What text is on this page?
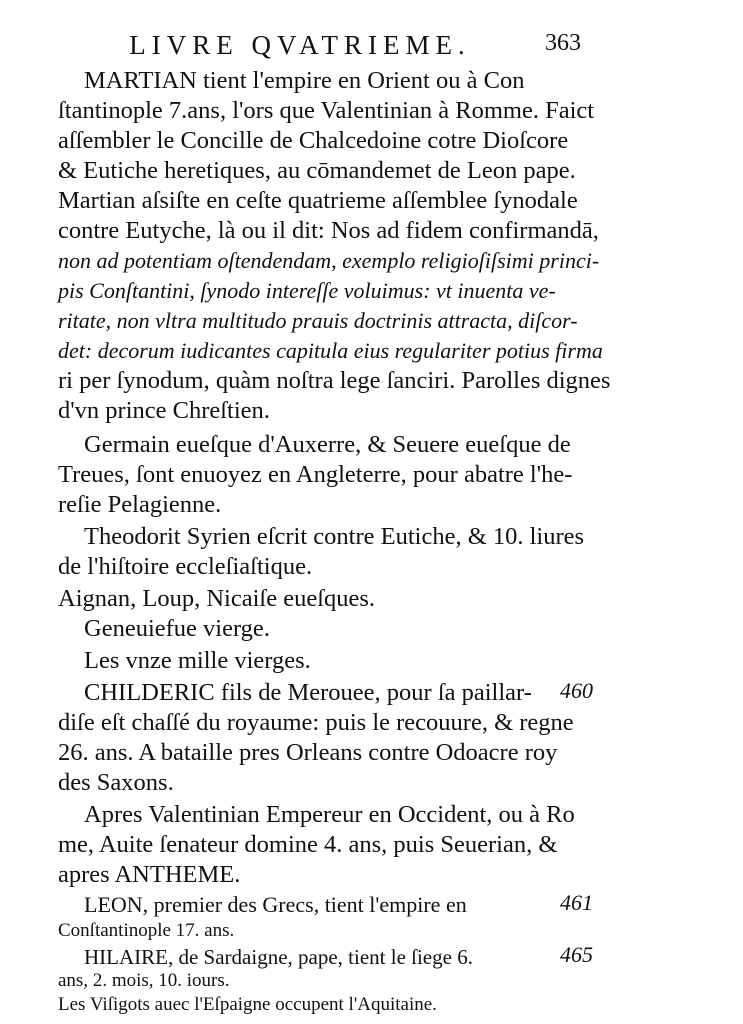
LIVRE QVATRIEME.	363
MARTIAN tient l'empire en Orient ou à Con
ſtantinople 7.ans, l'ors que Valentinian à Romme. Faict
aſſembler le Concille de Chalcedoine cotre Dioſcore
& Eutiche heretiques, au cōmandemet de Leon pape.
Martian aſsiſte en ceſte quatrieme aſſemblee ſynodale
contre Eutyche, là ou il dit: Nos ad fidem confirmandā,
non ad potentiam oſtendendam, exemplo religioſiſsimi princi-
pis Conſtantini, ſynodo intereſſe voluimus: vt inuenta ve-
ritate, non vltra multitudo prauis doctrinis attracta, diſcor-
det: decorum iudicantes capitula eius regulariter potius firma
ri per ſynodum, quàm noſtra lege ſanciri. Parolles dignes
d'vn prince Chreſtien.
Germain eueſque d'Auxerre, & Seuere eueſque de
Treues, ſont enuoyez en Angleterre, pour abatre l'he-
reſie Pelagienne.
Theodorit Syrien eſcrit contre Eutiche, & 10. liures
de l'hiſtoire eccleſiaſtique.
Aignan, Loup, Nicaiſe eueſques.
Geneuiefue vierge.
Les vnze mille vierges.
CHILDERIC fils de Merouee, pour ſa paillar-
diſe eſt chaſſé du royaume: puis le recouure, & regne
26. ans. A bataille pres Orleans contre Odoacre roy
des Saxons.
Apres Valentinian Empereur en Occident, ou à Ro
me, Auite ſenateur domine 4. ans, puis Seuerian, &
apres ANTHEME.
LEON, premier des Grecs, tient l'empire en
Conſtantinople 17. ans.
HILAIRE, de Sardaigne, pape, tient le ſiege 6.
ans, 2. mois, 10. iours.
Les Viſigots auec l'Eſpaigne occupent l'Aquitaine.
460
461
465
